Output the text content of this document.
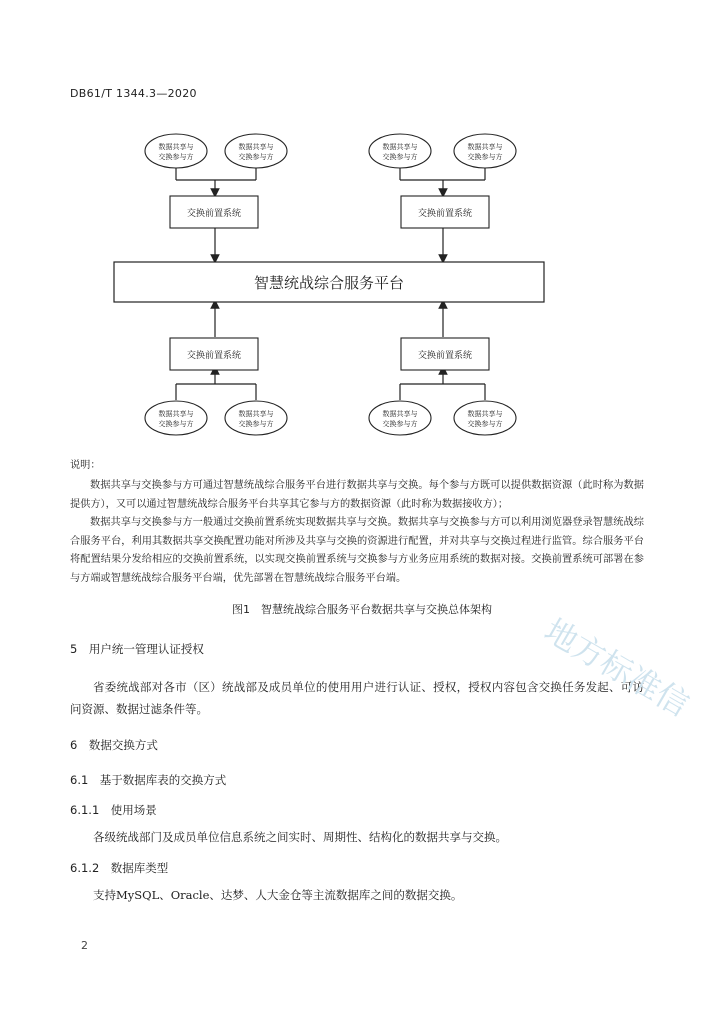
DB61/T 1344.3—2020
数据共享与
交换参与方
数据共享与
交换参与方
数据共享与
交换参与方
数据共享与
交换参与方
数据共享与
交换参与方
数据共享与
交换参与方
数据共享与
交换参与方
数据共享与
交换参与方
交换前置系统	交换前置系统
交换前置系统	交换前置系统
智慧统战综合服务平台
说明：
数据共享与交换参与方可通过智慧统战综合服务平台进行数据共享与交换。每个参与方既可以提供数据资源（此时称为数据提供方），又可以通过智慧统战综合服务平台共享其它参与方的数据资源（此时称为数据接收方）；
数据共享与交换参与方一般通过交换前置系统实现数据共享与交换。数据共享与交换参与方可以利用浏览器登录智慧统战综合服务平台，利用其数据共享交换配置功能对所涉及共享与交换的资源进行配置，并对共享与交换过程进行监管。综合服务平台将配置结果分发给相应的交换前置系统，以实现交换前置系统与交换参与方业务应用系统的数据对接。交换前置系统可部署在参与方端或智慧统战综合服务平台端，优先部署在智慧统战综合服务平台端。
图1　智慧统战综合服务平台数据共享与交换总体架构
5　用户统一管理认证授权
省委统战部对各市（区）统战部及成员单位的使用用户进行认证、授权，授权内容包含交换任务发起、可访问资源、数据过滤条件等。
6　数据交换方式
6.1　基于数据库表的交换方式
6.1.1　使用场景
各级统战部门及成员单位信息系统之间实时、周期性、结构化的数据共享与交换。
6.1.2　数据库类型
支持MySQL、Oracle、达梦、人大金仓等主流数据库之间的数据交换。
2
地方标准信
